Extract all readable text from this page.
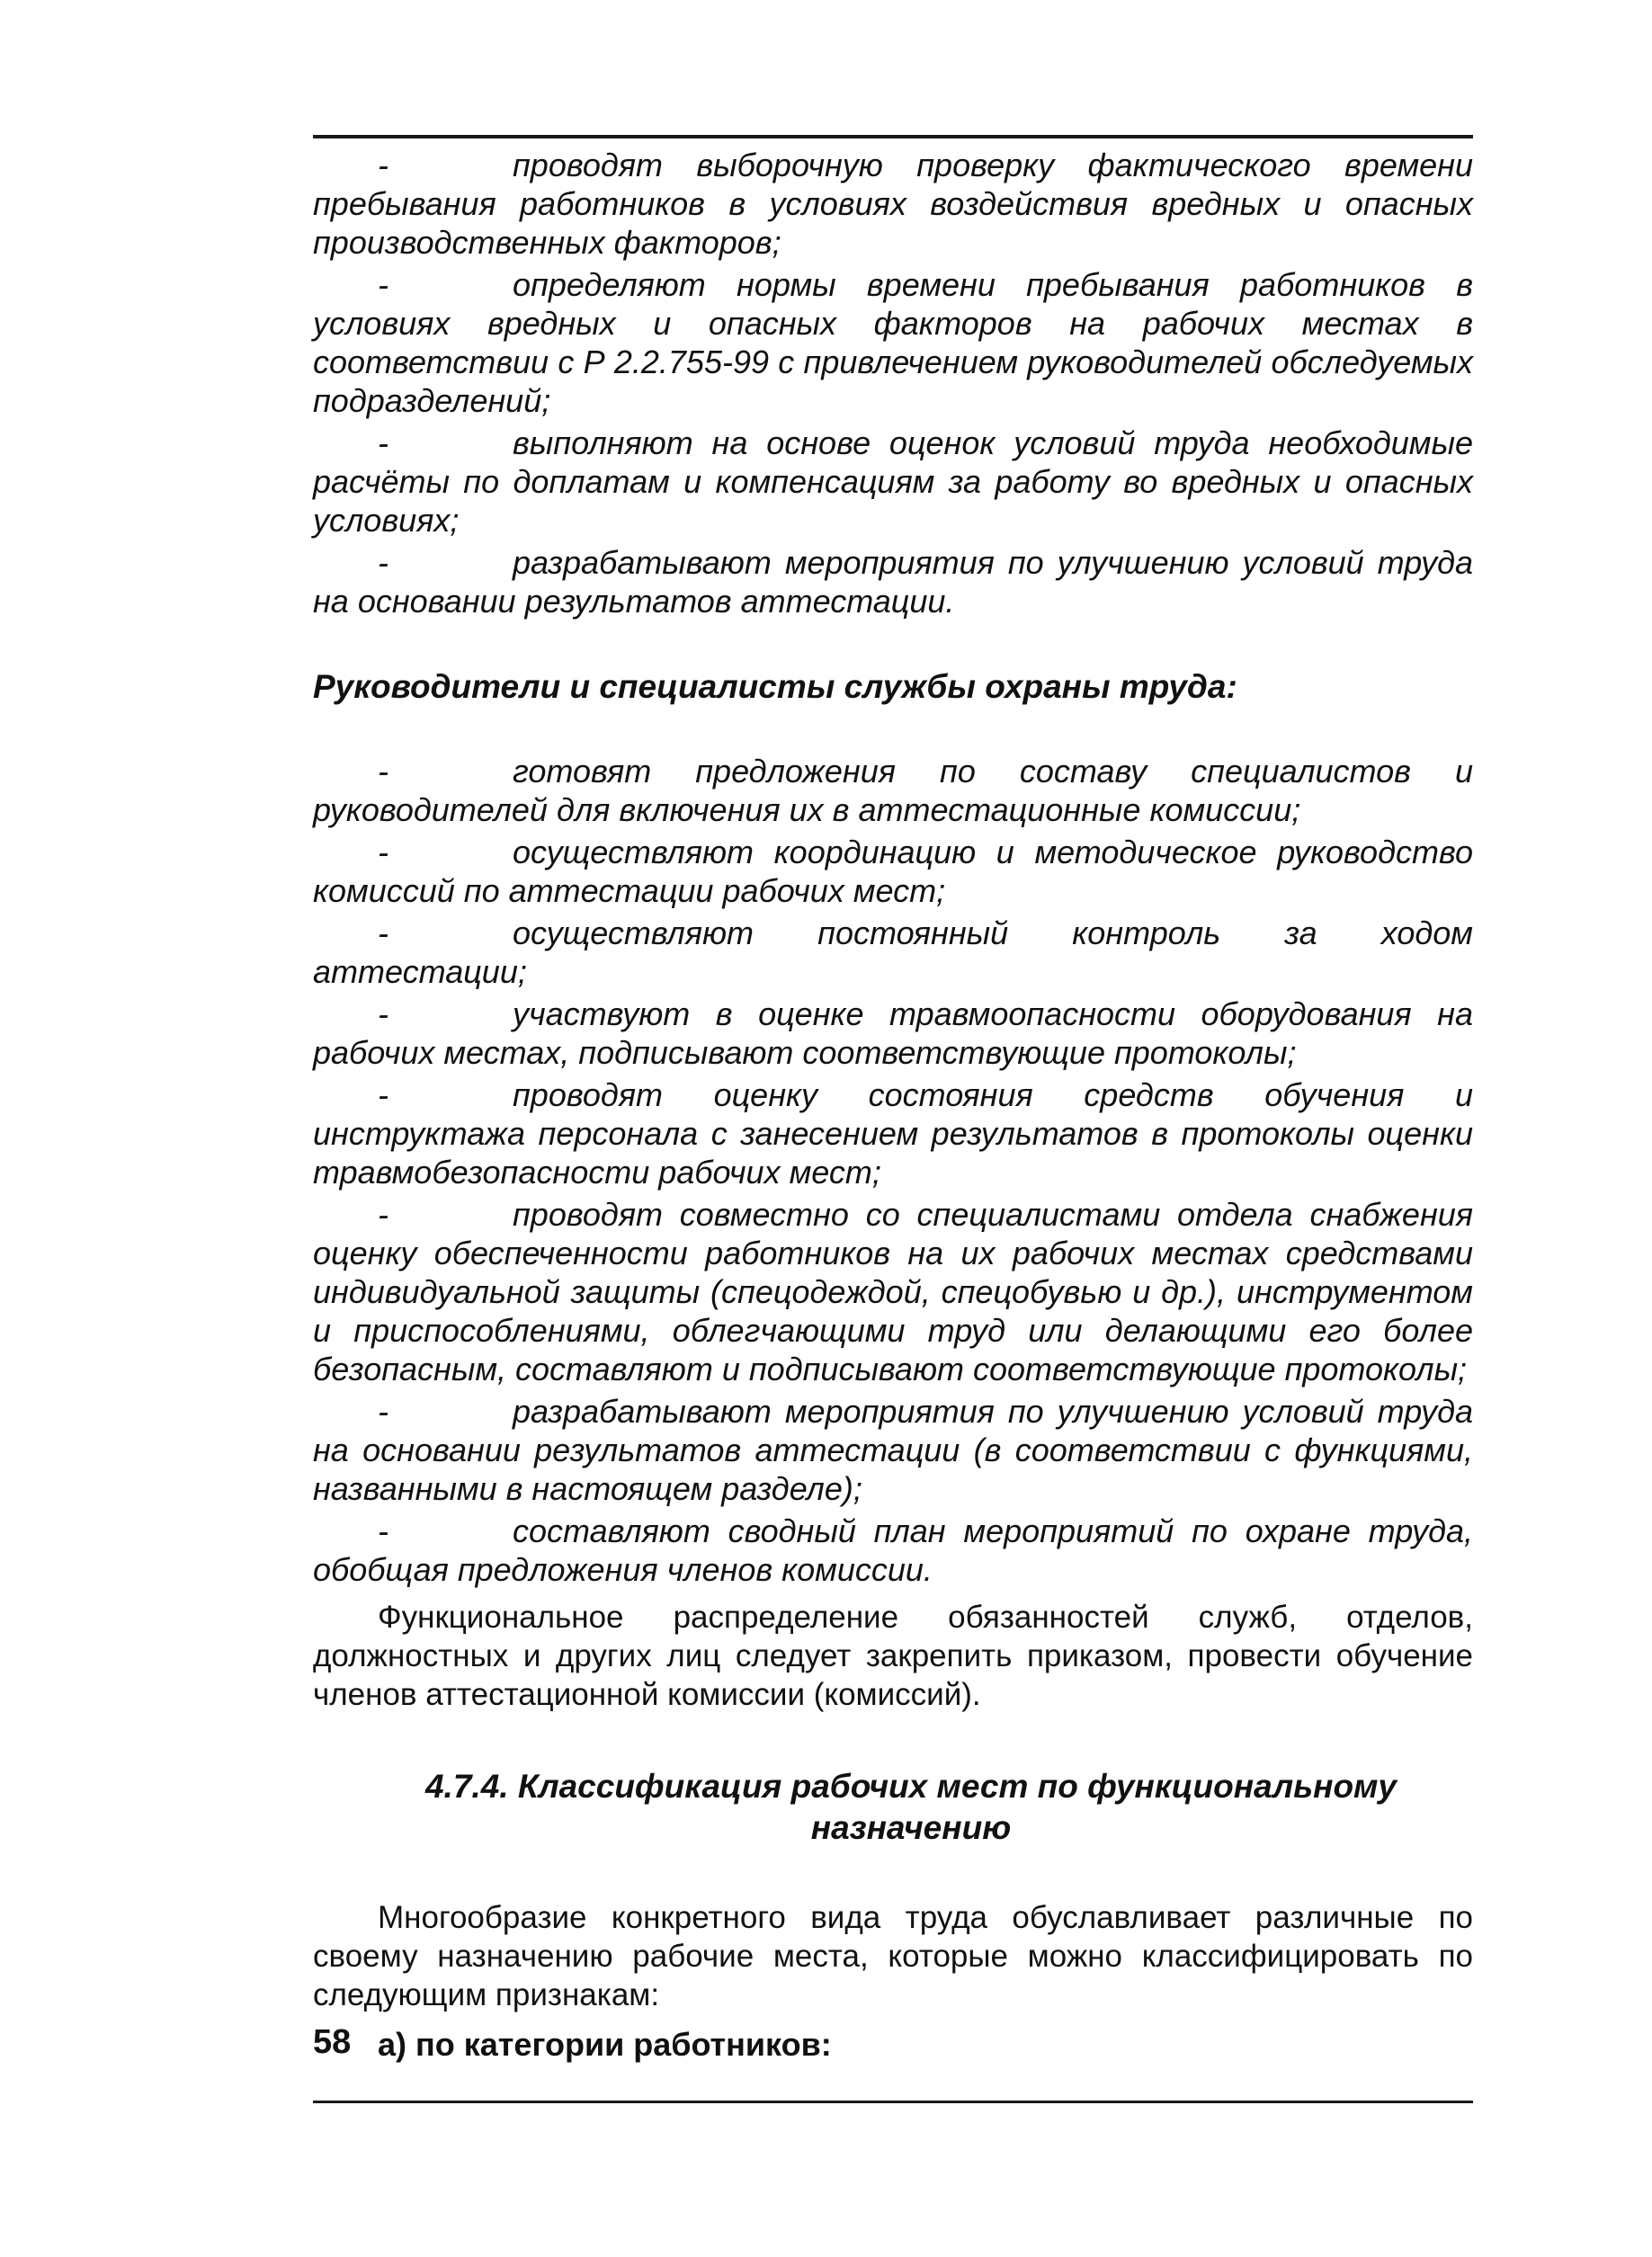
-	проводят выборочную проверку фактического времени пребывания работников в условиях воздействия вредных и опасных производственных факторов;

-	определяют нормы времени пребывания работников в условиях вредных и опасных факторов на рабочих местах в соответствии с Р 2.2.755-99 с привлечением руководителей обследуемых подразделений;

-	выполняют на основе оценок условий труда необходимые расчёты по доплатам и компенсациям за работу во вредных и опасных условиях;

-	разрабатывают мероприятия по улучшению условий труда на основании результатов аттестации.

Руководители и специалисты службы охраны труда:

-	готовят предложения по составу специалистов и руководителей для включения их в аттестационные комиссии;

-	осуществляют координацию и методическое руководство комиссий по аттестации рабочих мест;

-	осуществляют постоянный контроль за ходом аттестации;

-	участвуют в оценке травмоопасности оборудования на рабочих местах, подписывают соответствующие протоколы;

-	проводят оценку состояния средств обучения и инструктажа персонала с занесением результатов в протоколы оценки травмобезопасности рабочих мест;

-	проводят совместно со специалистами отдела снабжения оценку обеспеченности работников на их рабочих местах средствами индивидуальной защиты (спецодеждой, спецобувью и др.), инструментом и приспособлениями, облегчающими труд или делающими его более безопасным, составляют и подписывают соответствующие протоколы;

-	разрабатывают мероприятия по улучшению условий труда на основании результатов аттестации (в соответствии с функциями, названными в настоящем разделе);

-	составляют сводный план мероприятий по охране труда, обобщая предложения членов комиссии.

Функциональное распределение обязанностей служб, отделов, должностных и других лиц следует закрепить приказом, провести обучение членов аттестационной комиссии (комиссий).

4.7.4. Классификация рабочих мест по функциональному
назначению

Многообразие конкретного вида труда обуславливает различные по своему назначению рабочие места, которые можно классифицировать по следующим признакам:

а) по категории работников:

58
